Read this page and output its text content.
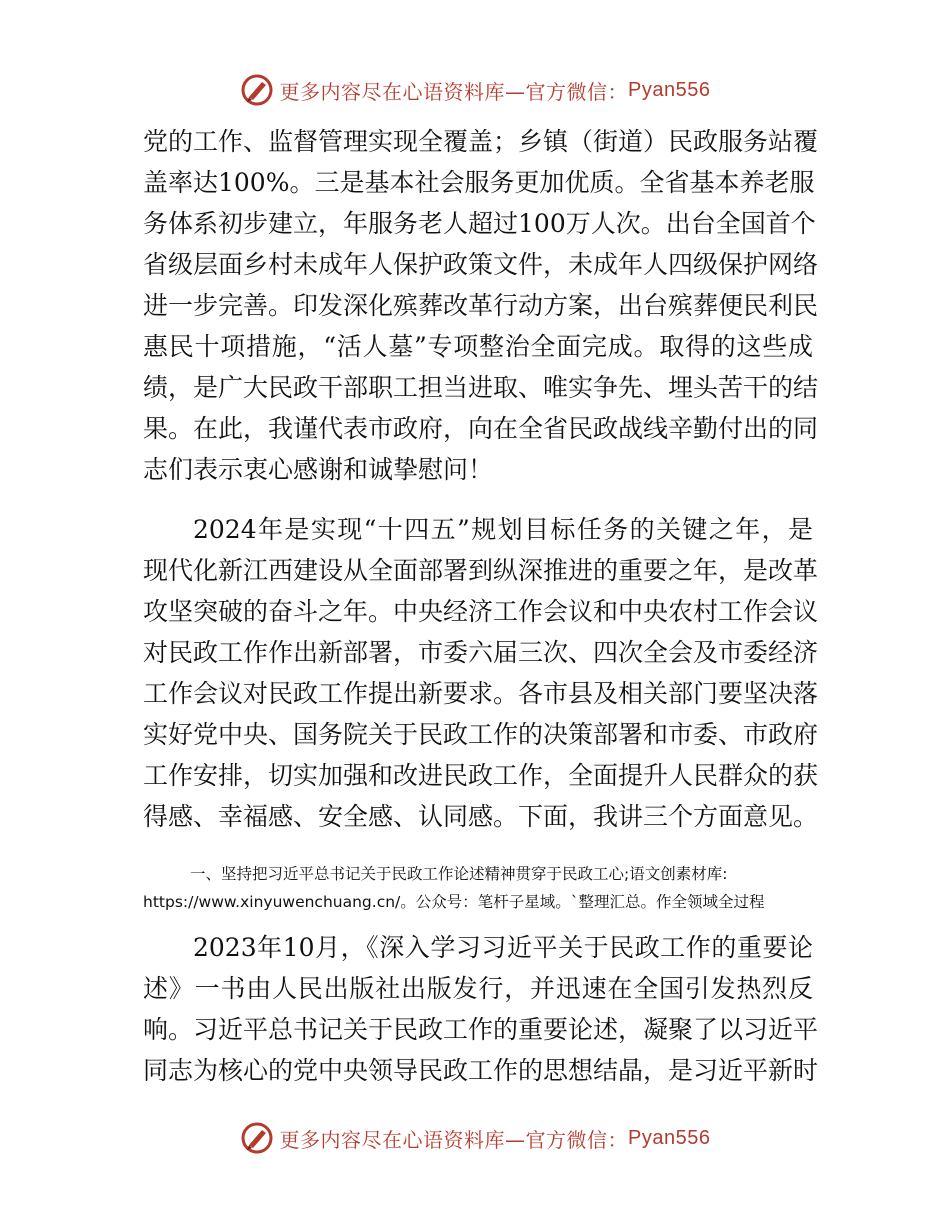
更多内容尽在心语资料库—官方微信： Pyan556
党的工作、监督管理实现全覆盖；乡镇（街道）民政服务站覆
盖率达100%。三是基本社会服务更加优质。全省基本养老服
务体系初步建立，年服务老人超过100万人次。出台全国首个
省级层面乡村未成年人保护政策文件，未成年人四级保护网络
进一步完善。印发深化殡葬改革行动方案，出台殡葬便民利民
惠民十项措施，“活人墓”专项整治全面完成。取得的这些成
绩，是广大民政干部职工担当进取、唯实争先、埋头苦干的结
果。在此，我谨代表市政府，向在全省民政战线辛勤付出的同
志们表示衷心感谢和诚挚慰问！
2024年是实现“十四五”规划目标任务的关键之年，是
现代化新江西建设从全面部署到纵深推进的重要之年，是改革
攻坚突破的奋斗之年。中央经济工作会议和中央农村工作会议
对民政工作作出新部署，市委六届三次、四次全会及市委经济
工作会议对民政工作提出新要求。各市县及相关部门要坚决落
实好党中央、国务院关于民政工作的决策部署和市委、市政府
工作安排，切实加强和改进民政工作，全面提升人民群众的获
得感、幸福感、安全感、认同感。下面，我讲三个方面意见。
一、坚持把习近平总书记关于民政工作论述精神贯穿于民政工心;语文创素材库:
https://www.xinyuwenchuang.cn/。公众号：笔杆子星域。`整理汇总。作全领域全过程
2023年10月，《深入学习习近平关于民政工作的重要论
述》一书由人民出版社出版发行，并迅速在全国引发热烈反
响。习近平总书记关于民政工作的重要论述，凝聚了以习近平
同志为核心的党中央领导民政工作的思想结晶，是习近平新时
更多内容尽在心语资料库—官方微信： Pyan556
